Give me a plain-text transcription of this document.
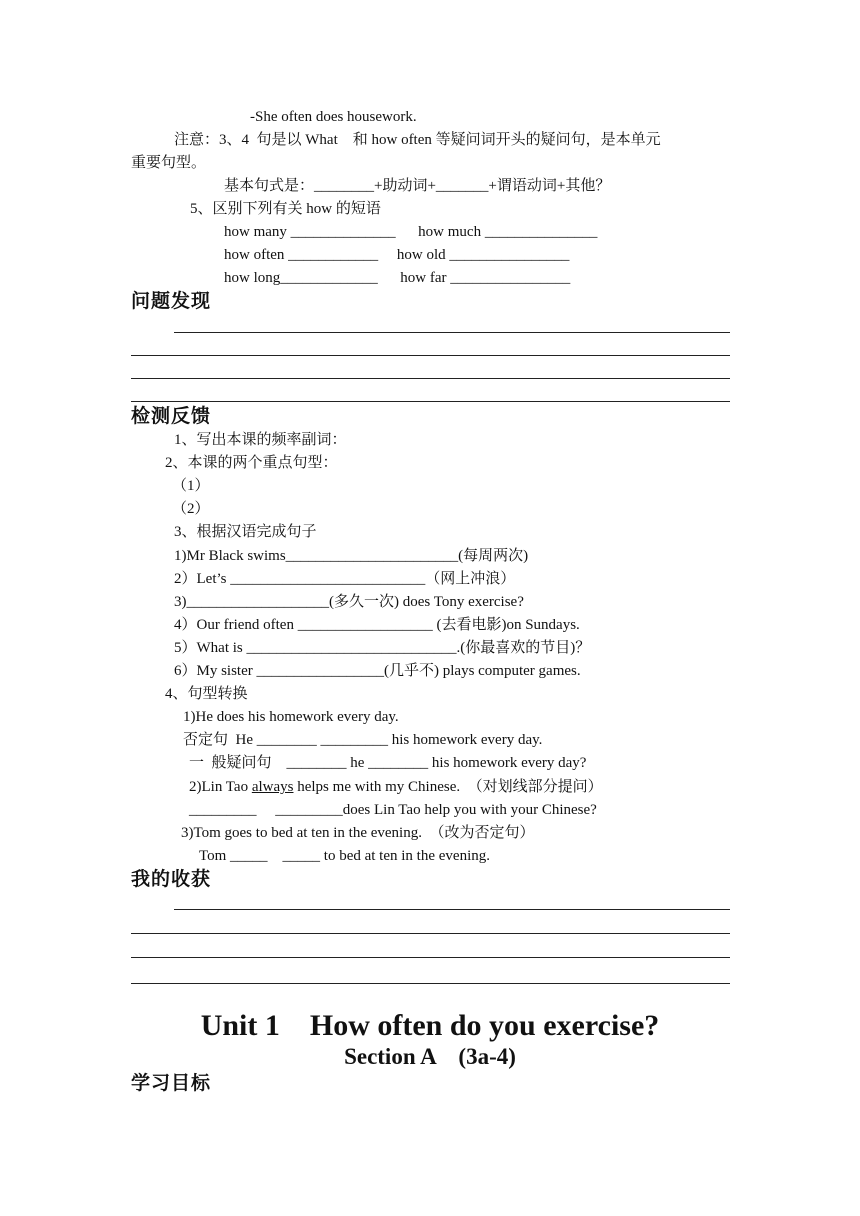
-She often does housework.
注意：3、4  句是以 What    和 how often 等疑问词开头的疑问句，是本单元
重要句型。
基本句式是：________+助动词+_______+谓语动词+其他？
5、区别下列有关 how 的短语
how many ______________      how much _______________
how often ____________     how old ________________
how long_____________      how far ________________
问题发现
检测反馈
1、写出本课的频率副词：
2、本课的两个重点句型：
（1）
（2）
3、根据汉语完成句子
1)Mr Black swims_______________________(每周两次)
2）Let’s __________________________（网上冲浪）
3)___________________(多久一次) does Tony exercise?
4）Our friend often __________________ (去看电影)on Sundays.
5）What is ____________________________.(你最喜欢的节目)？
6）My sister _________________(几乎不) plays computer games.
4、句型转换
1)He does his homework every day.
否定句  He ________ _________ his homework every day.
一  般疑问句    ________ he ________ his homework every day?
2)Lin Tao always helps me with my Chinese.  （对划线部分提问）
_________     _________does Lin Tao help you with your Chinese?
3)Tom goes to bed at ten in the evening.  （改为否定句）
Tom _____    _____ to bed at ten in the evening.
我的收获
Unit 1    How often do you exercise?
Section A    (3a-4)
学习目标
